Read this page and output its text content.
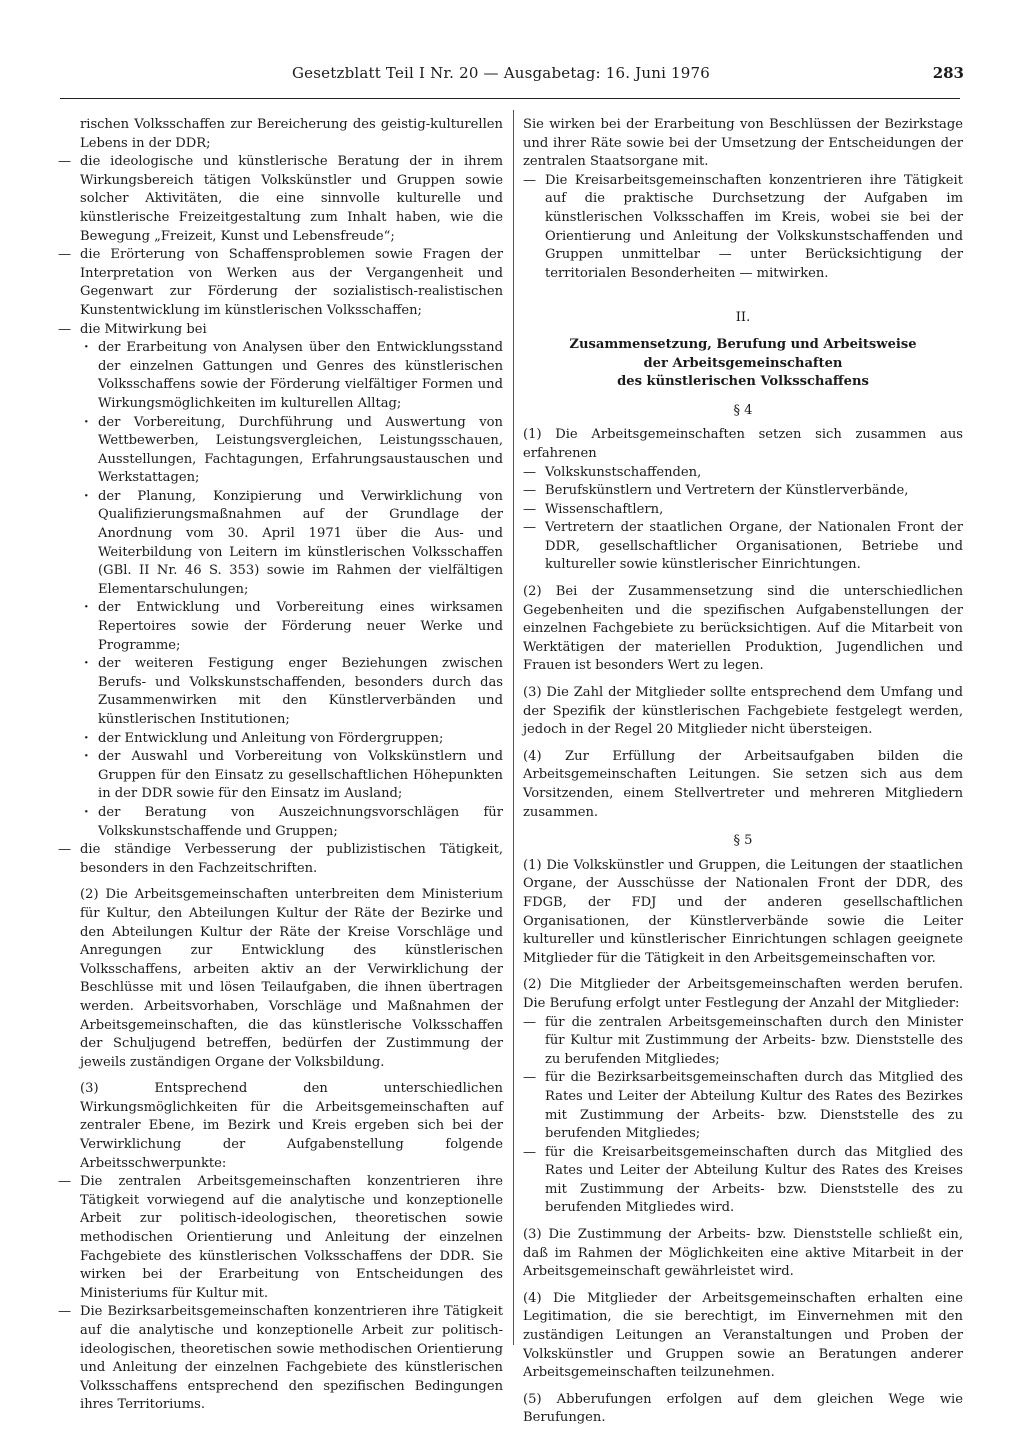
Gesetzblatt Teil I Nr. 20 — Ausgabetag: 16. Juni 1976	283

rischen Volksschaffen zur Bereicherung des geistig-kulturellen Lebens in der DDR;

— die ideologische und künstlerische Beratung der in ihrem Wirkungsbereich tätigen Volkskünstler und Gruppen sowie solcher Aktivitäten, die eine sinnvolle kulturelle und künstlerische Freizeitgestaltung zum Inhalt haben, wie die Bewegung „Freizeit, Kunst und Lebensfreude“;

— die Erörterung von Schaffensproblemen sowie Fragen der Interpretation von Werken aus der Vergangenheit und Gegenwart zur Förderung der sozialistisch-realistischen Kunstentwicklung im künstlerischen Volksschaffen;

— die Mitwirkung bei

· der Erarbeitung von Analysen über den Entwicklungsstand der einzelnen Gattungen und Genres des künstlerischen Volksschaffens sowie der Förderung vielfältiger Formen und Wirkungsmöglichkeiten im kulturellen Alltag;

· der Vorbereitung, Durchführung und Auswertung von Wettbewerben, Leistungsvergleichen, Leistungsschauen, Ausstellungen, Fachtagungen, Erfahrungsaustauschen und Werkstattagen;

· der Planung, Konzipierung und Verwirklichung von Qualifizierungsmaßnahmen auf der Grundlage der Anordnung vom 30. April 1971 über die Aus- und Weiterbildung von Leitern im künstlerischen Volksschaffen (GBl. II Nr. 46 S. 353) sowie im Rahmen der vielfältigen Elementarschulungen;

· der Entwicklung und Vorbereitung eines wirksamen Repertoires sowie der Förderung neuer Werke und Programme;

· der weiteren Festigung enger Beziehungen zwischen Berufs- und Volkskunstschaffenden, besonders durch das Zusammenwirken mit den Künstlerverbänden und künstlerischen Institutionen;

· der Entwicklung und Anleitung von Fördergruppen;

· der Auswahl und Vorbereitung von Volkskünstlern und Gruppen für den Einsatz zu gesellschaftlichen Höhepunkten in der DDR sowie für den Einsatz im Ausland;

· der Beratung von Auszeichnungsvorschlägen für Volkskunstschaffende und Gruppen;

— die ständige Verbesserung der publizistischen Tätigkeit, besonders in den Fachzeitschriften.

(2) Die Arbeitsgemeinschaften unterbreiten dem Ministerium für Kultur, den Abteilungen Kultur der Räte der Bezirke und den Abteilungen Kultur der Räte der Kreise Vorschläge und Anregungen zur Entwicklung des künstlerischen Volksschaffens, arbeiten aktiv an der Verwirklichung der Beschlüsse mit und lösen Teilaufgaben, die ihnen übertragen werden. Arbeitsvorhaben, Vorschläge und Maßnahmen der Arbeitsgemeinschaften, die das künstlerische Volksschaffen der Schuljugend betreffen, bedürfen der Zustimmung der jeweils zuständigen Organe der Volksbildung.

(3) Entsprechend den unterschiedlichen Wirkungsmöglichkeiten für die Arbeitsgemeinschaften auf zentraler Ebene, im Bezirk und Kreis ergeben sich bei der Verwirklichung der Aufgabenstellung folgende Arbeitsschwerpunkte:

— Die zentralen Arbeitsgemeinschaften konzentrieren ihre Tätigkeit vorwiegend auf die analytische und konzeptionelle Arbeit zur politisch-ideologischen, theoretischen sowie methodischen Orientierung und Anleitung der einzelnen Fachgebiete des künstlerischen Volksschaffens der DDR. Sie wirken bei der Erarbeitung von Entscheidungen des Ministeriums für Kultur mit.

— Die Bezirksarbeitsgemeinschaften konzentrieren ihre Tätigkeit auf die analytische und konzeptionelle Arbeit zur politisch-ideologischen, theoretischen sowie methodischen Orientierung und Anleitung der einzelnen Fachgebiete des künstlerischen Volksschaffens entsprechend den spezifischen Bedingungen ihres Territoriums.

Sie wirken bei der Erarbeitung von Beschlüssen der Bezirkstage und ihrer Räte sowie bei der Umsetzung der Entscheidungen der zentralen Staatsorgane mit.

— Die Kreisarbeitsgemeinschaften konzentrieren ihre Tätigkeit auf die praktische Durchsetzung der Aufgaben im künstlerischen Volksschaffen im Kreis, wobei sie bei der Orientierung und Anleitung der Volkskunstschaffenden und Gruppen unmittelbar — unter Berücksichtigung der territorialen Besonderheiten — mitwirken.

II.

Zusammensetzung, Berufung und Arbeitsweise

der Arbeitsgemeinschaften

des künstlerischen Volksschaffens

§ 4

(1) Die Arbeitsgemeinschaften setzen sich zusammen aus erfahrenen

— Volkskunstschaffenden,

— Berufskünstlern und Vertretern der Künstlerverbände,

— Wissenschaftlern,

— Vertretern der staatlichen Organe, der Nationalen Front der DDR, gesellschaftlicher Organisationen, Betriebe und kultureller sowie künstlerischer Einrichtungen.

(2) Bei der Zusammensetzung sind die unterschiedlichen Gegebenheiten und die spezifischen Aufgabenstellungen der einzelnen Fachgebiete zu berücksichtigen. Auf die Mitarbeit von Werktätigen der materiellen Produktion, Jugendlichen und Frauen ist besonders Wert zu legen.

(3) Die Zahl der Mitglieder sollte entsprechend dem Umfang und der Spezifik der künstlerischen Fachgebiete festgelegt werden, jedoch in der Regel 20 Mitglieder nicht übersteigen.

(4) Zur Erfüllung der Arbeitsaufgaben bilden die Arbeitsgemeinschaften Leitungen. Sie setzen sich aus dem Vorsitzenden, einem Stellvertreter und mehreren Mitgliedern zusammen.

§ 5

(1) Die Volkskünstler und Gruppen, die Leitungen der staatlichen Organe, der Ausschüsse der Nationalen Front der DDR, des FDGB, der FDJ und der anderen gesellschaftlichen Organisationen, der Künstlerverbände sowie die Leiter kultureller und künstlerischer Einrichtungen schlagen geeignete Mitglieder für die Tätigkeit in den Arbeitsgemeinschaften vor.

(2) Die Mitglieder der Arbeitsgemeinschaften werden berufen. Die Berufung erfolgt unter Festlegung der Anzahl der Mitglieder:

— für die zentralen Arbeitsgemeinschaften durch den Minister für Kultur mit Zustimmung der Arbeits- bzw. Dienststelle des zu berufenden Mitgliedes;

— für die Bezirksarbeitsgemeinschaften durch das Mitglied des Rates und Leiter der Abteilung Kultur des Rates des Bezirkes mit Zustimmung der Arbeits- bzw. Dienststelle des zu berufenden Mitgliedes;

— für die Kreisarbeitsgemeinschaften durch das Mitglied des Rates und Leiter der Abteilung Kultur des Rates des Kreises mit Zustimmung der Arbeits- bzw. Dienststelle des zu berufenden Mitgliedes wird.

(3) Die Zustimmung der Arbeits- bzw. Dienststelle schließt ein, daß im Rahmen der Möglichkeiten eine aktive Mitarbeit in der Arbeitsgemeinschaft gewährleistet wird.

(4) Die Mitglieder der Arbeitsgemeinschaften erhalten eine Legitimation, die sie berechtigt, im Einvernehmen mit den zuständigen Leitungen an Veranstaltungen und Proben der Volkskünstler und Gruppen sowie an Beratungen anderer Arbeitsgemeinschaften teilzunehmen.

(5) Abberufungen erfolgen auf dem gleichen Wege wie Berufungen.
